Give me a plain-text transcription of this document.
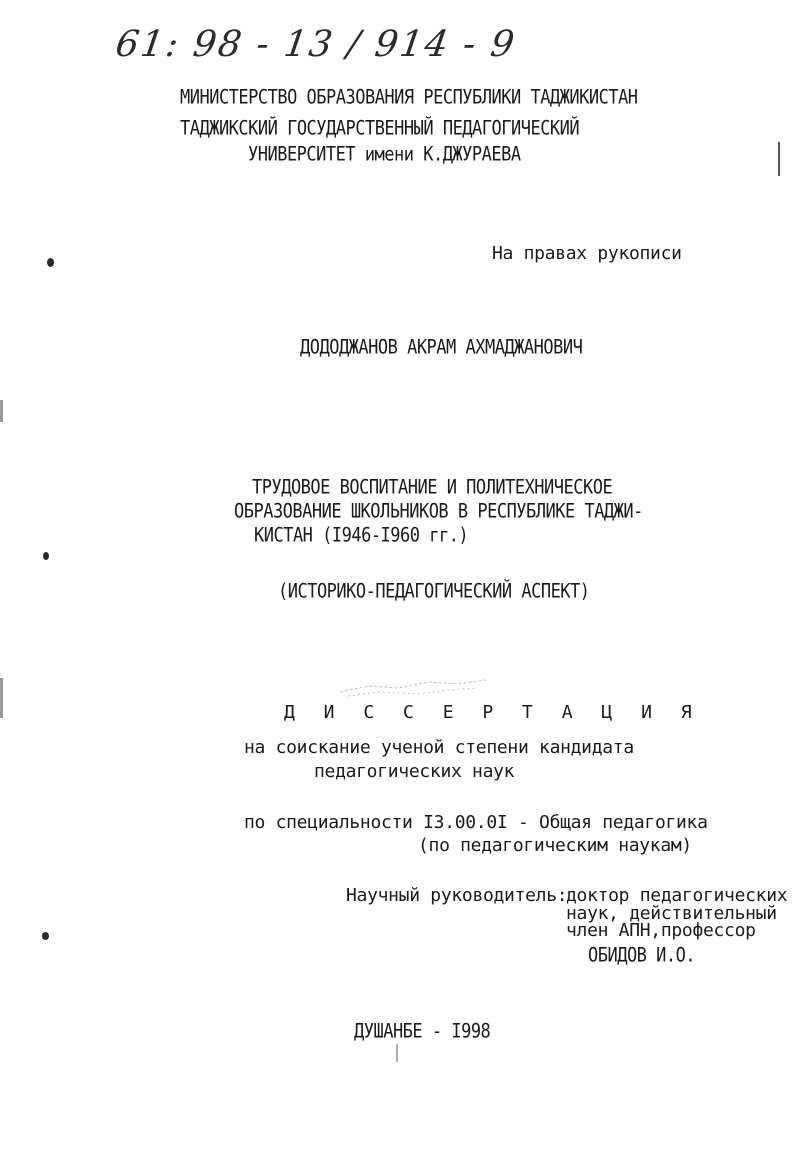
61: 98 - 13 / 914 - 9
МИНИСТЕРСТВО ОБРАЗОВАНИЯ РЕСПУБЛИКИ ТАДЖИКИСТАН
ТАДЖИКСКИЙ ГОСУДАРСТВЕННЫЙ ПЕДАГОГИЧЕСКИЙ
УНИВЕРСИТЕТ имени К.ДЖУРАЕВА
На правах рукописи
ДОДОДЖАНОВ АКРАМ АХМАДЖАНОВИЧ
ТРУДОВОЕ ВОСПИТАНИЕ И ПОЛИТЕХНИЧЕСКОЕ
ОБРАЗОВАНИЕ ШКОЛЬНИКОВ В РЕСПУБЛИКЕ ТАДЖИ-
КИСТАН (I946-I960 гг.)
(ИСТОРИКО-ПЕДАГОГИЧЕСКИЙ АСПЕКТ)
Д И С С Е Р Т А Ц И Я
на соискание ученой степени кандидата
педагогических наук
по специальности I3.00.0I - Общая педагогика
(по педагогическим наукам)
Научный руководитель:
доктор педагогических
наук, действительный
член АПН,профессор
ОБИДОВ И.О.
ДУШАНБЕ - I998
